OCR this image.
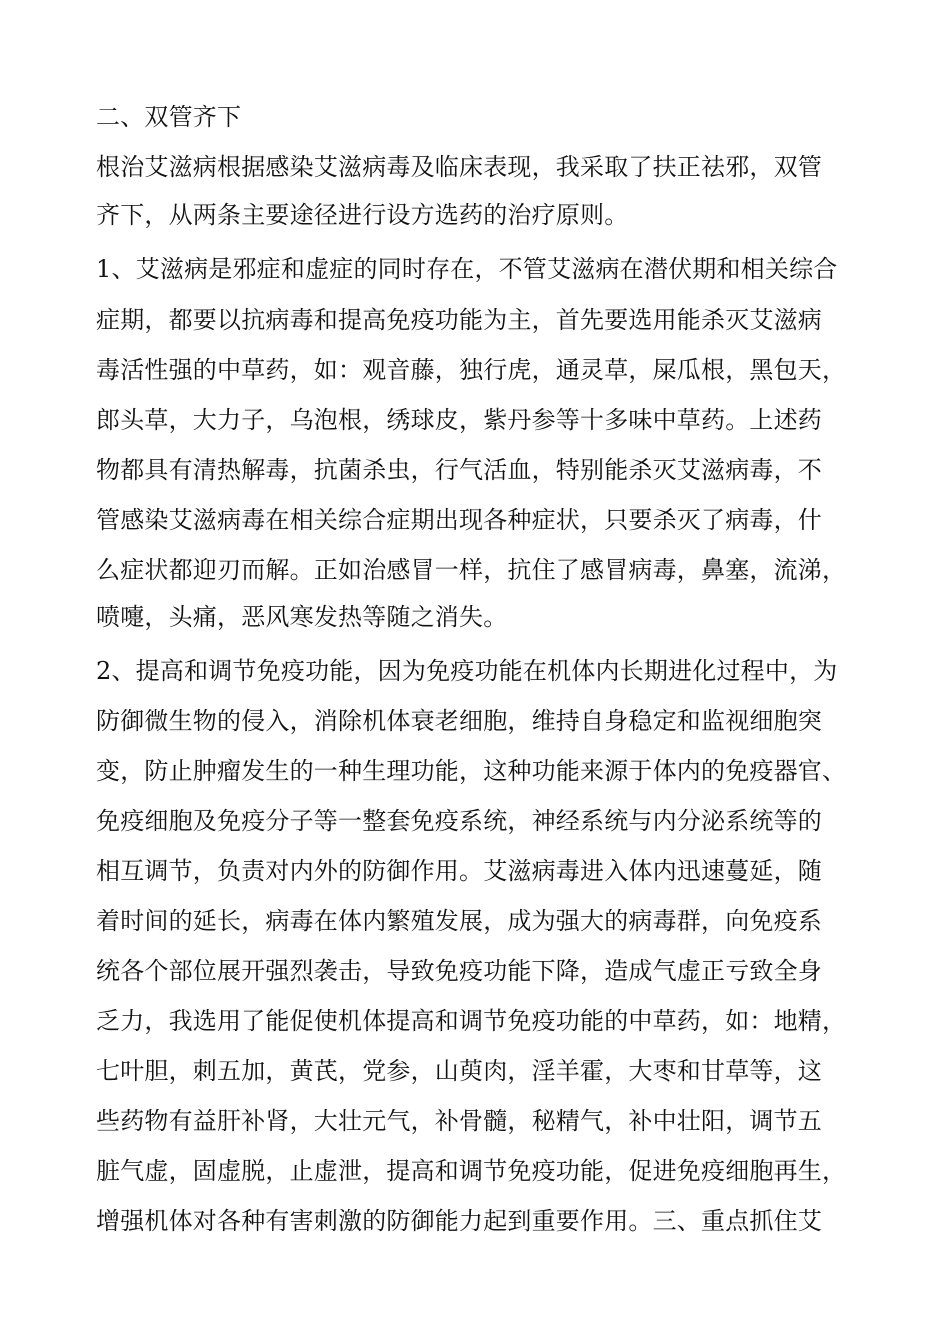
二、双管齐下
根治艾滋病根据感染艾滋病毒及临床表现，我采取了扶正祛邪，双管
齐下，从两条主要途径进行设方选药的治疗原则。
1、艾滋病是邪症和虚症的同时存在，不管艾滋病在潜伏期和相关综合
症期，都要以抗病毒和提高免疫功能为主，首先要选用能杀灭艾滋病
毒活性强的中草药，如：观音藤，独行虎，通灵草，屎瓜根，黑包天，
郎头草，大力子，乌泡根，绣球皮，紫丹参等十多味中草药。上述药
物都具有清热解毒，抗菌杀虫，行气活血，特别能杀灭艾滋病毒，不
管感染艾滋病毒在相关综合症期出现各种症状，只要杀灭了病毒，什
么症状都迎刃而解。正如治感冒一样，抗住了感冒病毒，鼻塞，流涕，
喷嚏，头痛，恶风寒发热等随之消失。
2、提高和调节免疫功能，因为免疫功能在机体内长期进化过程中，为
防御微生物的侵入，消除机体衰老细胞，维持自身稳定和监视细胞突
变，防止肿瘤发生的一种生理功能，这种功能来源于体内的免疫器官、
免疫细胞及免疫分子等一整套免疫系统，神经系统与内分泌系统等的
相互调节，负责对内外的防御作用。艾滋病毒进入体内迅速蔓延，随
着时间的延长，病毒在体内繁殖发展，成为强大的病毒群，向免疫系
统各个部位展开强烈袭击，导致免疫功能下降，造成气虚正亏致全身
乏力，我选用了能促使机体提高和调节免疫功能的中草药，如：地精，
七叶胆，刺五加，黄芪，党参，山萸肉，淫羊霍，大枣和甘草等，这
些药物有益肝补肾，大壮元气，补骨髓，秘精气，补中壮阳，调节五
脏气虚，固虚脱，止虚泄，提高和调节免疫功能，促进免疫细胞再生，
增强机体对各种有害刺激的防御能力起到重要作用。三、重点抓住艾
